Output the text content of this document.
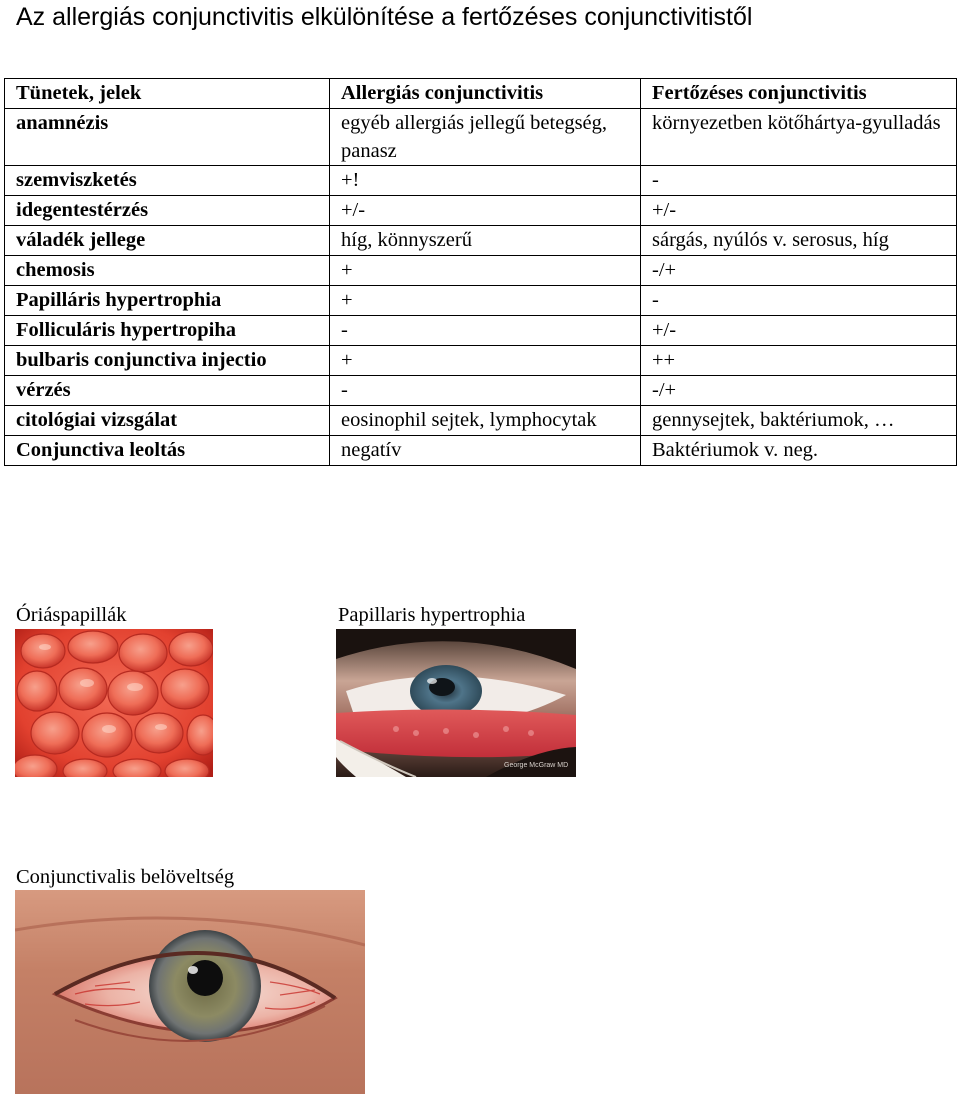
Az allergiás conjunctivitis elkülönítése a fertőzéses conjunctivitistől
Tünetek, jelek	Allergiás conjunctivitis	Fertőzéses conjunctivitis
anamnézis	egyéb allergiás jellegű betegség, panasz	környezetben kötőhártya-gyulladás
szemviszketés	+!	-
idegentestérzés	+/-	+/-
váladék jellege	híg, könnyszerű	sárgás, nyúlós v. serosus, híg
chemosis	+	-/+
Papilláris hypertrophia	+	-
Folliculáris hypertropiha	-	+/-
bulbaris conjunctiva injectio	+	++
vérzés	-	-/+
citológiai vizsgálat	eosinophil sejtek, lymphocytak	gennysejtek, baktériumok, …
Conjunctiva leoltás	negatív	Baktériumok v. neg.
Óriáspapillák	Papillaris hypertrophia
George McGraw MD
Conjunctivalis belöveltség
